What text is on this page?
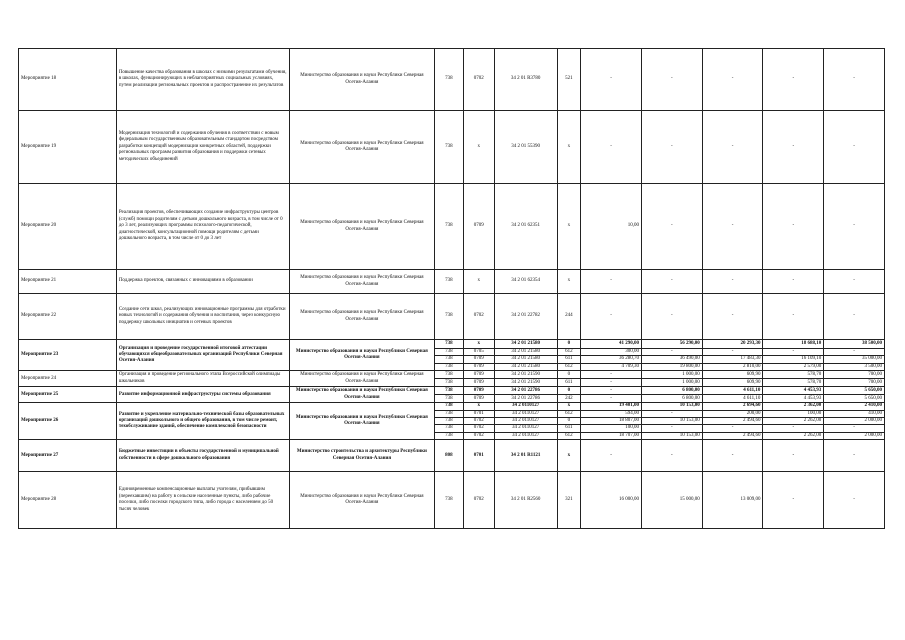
Мероприятие 18	Повышение качества образования в школах с низкими результатами обучения, в школах, функционирующих в неблагоприятных социальных условиях, путем реализации региональных проектов и распространение их результатов	Министерство образования и науки Республики Северная Осетия-Алания	738	0702	34 2 01 R3780	521	-	-	-	-	-
Мероприятие 19	Модернизация технологий и содержания обучения в соответствии с новым федеральным государственным образовательным стандартом посредством разработки концепций модернизации конкретных областей, поддержки региональных программ развития образования и поддержки сетевых методических объединений	Министерство образования и науки Республики Северная Осетия-Алания	738	х	34 2 01 55390	х	-	-	-	-	-
Мероприятие 20	Реализация проектов, обеспечивающих создание инфраструктуры центров (служб) помощи родителям с детьми дошкольного возраста, в том числе от 0 до 3 лет, реализующих программы психолого-педагогической, диагностической, консультационной помощи родителям с детьми дошкольного возраста, в том числе от 0 до 3 лет	Министерство образования и науки Республики Северная Осетия-Алания	738	0709	34 2 01 62351	х	10,00	-	-	-	-
Мероприятие 21	Поддержка проектов, связанных с инновациями в образовании	Министерство образования и науки Республики Северная Осетия-Алания	738	х	34 2 01 62354	х	-	-	-	-	-
Мероприятие 22	Создание сети школ, реализующих инновационные программы для отработки новых технологий и содержания обучения и воспитания, через конкурсную поддержку школьных инициатив и сетевых проектов	Министерство образования и науки Республики Северная Осетия-Алания	738	0702	34 2 01 22782	244	-	-	-	-	-
Мероприятие 23	Организация и проведение государственной итоговой аттестации обучающихся общеобразовательных организаций Республики Северная Осетия-Алания	Министерство образования и науки Республики Северная Осетия-Алания	738	х	34 2 01 21580	0	41 290,00	56 290,00	20 293,30	18 688,10	38 500,00
			738	0705	34 2 01 21580	612	300,00	-	-	-	-
			738	0709	34 2 01 21580	611	36 280,70	36 490,00	17 483,30	16 109,10	35 000,00
			738	0709	34 2 01 21580	612	4 709,30	19 800,00	2 810,00	2 579,00	3 500,00
Мероприятие 24	Организация и проведение регионального этапа Всероссийской олимпиады школьников	Министерство образования и науки Республики Северная Осетия-Алания	738	0709	34 2 01 21590	0	-	1 000,00	609,90	578,70	700,00
			738	0709	34 2 01 21590	611	-	1 000,00	609,90	578,70	700,00
Мероприятие 25	Развитие информационной инфраструктуры системы образования	Министерство образования и науки Республики Северная Осетия-Алания	738	0709	34 2 01 22786	0	-	6 800,00	4 611,10	4 453,93	5 650,00
			738	0709	34 2 01 22786	242	-	6 800,00	4 611,10	4 453,93	5 650,00
Мероприятие 26	Развитие и укрепление материально-технической базы образовательных организаций дошкольного и общего образования, в том числе ремонт, техобслуживание зданий, обеспечение комплексной безопасности	Министерство образования и науки Республики Северная Осетия-Алания	738	х	34 2 0110127	х	19 401,00	10 153,00	2 694,60	2 362,00	2 410,00
			738	0701	34 2 0110127	612	594,00	-	200,00	100,00	410,00
			738	0702	34 2 0110127	0	18 807,00	10 153,00	2 494,60	2 262,00	2 000,00
			738	0702	34 2 0110127	611	100,00	-	-	-	-
			738	0702	34 2 0110127	612	18 707,00	10 153,00	2 494,60	2 262,00	2 000,00
Мероприятие 27	Бюджетные инвестиции в объекты государственной и муниципальной собственности в сфере дошкольного образования	Министерство строительства и архитектуры Республики Северная Осетия-Алания	808	0701	34 2 01 R1121	х	-	-	-	-	-
Мероприятие 28	Единовременные компенсационные выплаты учителям, прибывшим (переехавшим) на работу в сельские населенные пункты, либо рабочие поселки, либо поселки городского типа, либо города с населением до 50 тысяч человек	Министерство образования и науки Республики Северная Осетия-Алания	738	0702	34 2 01 R2560	321	16 000,00	15 000,00	13 009,00	-	-
